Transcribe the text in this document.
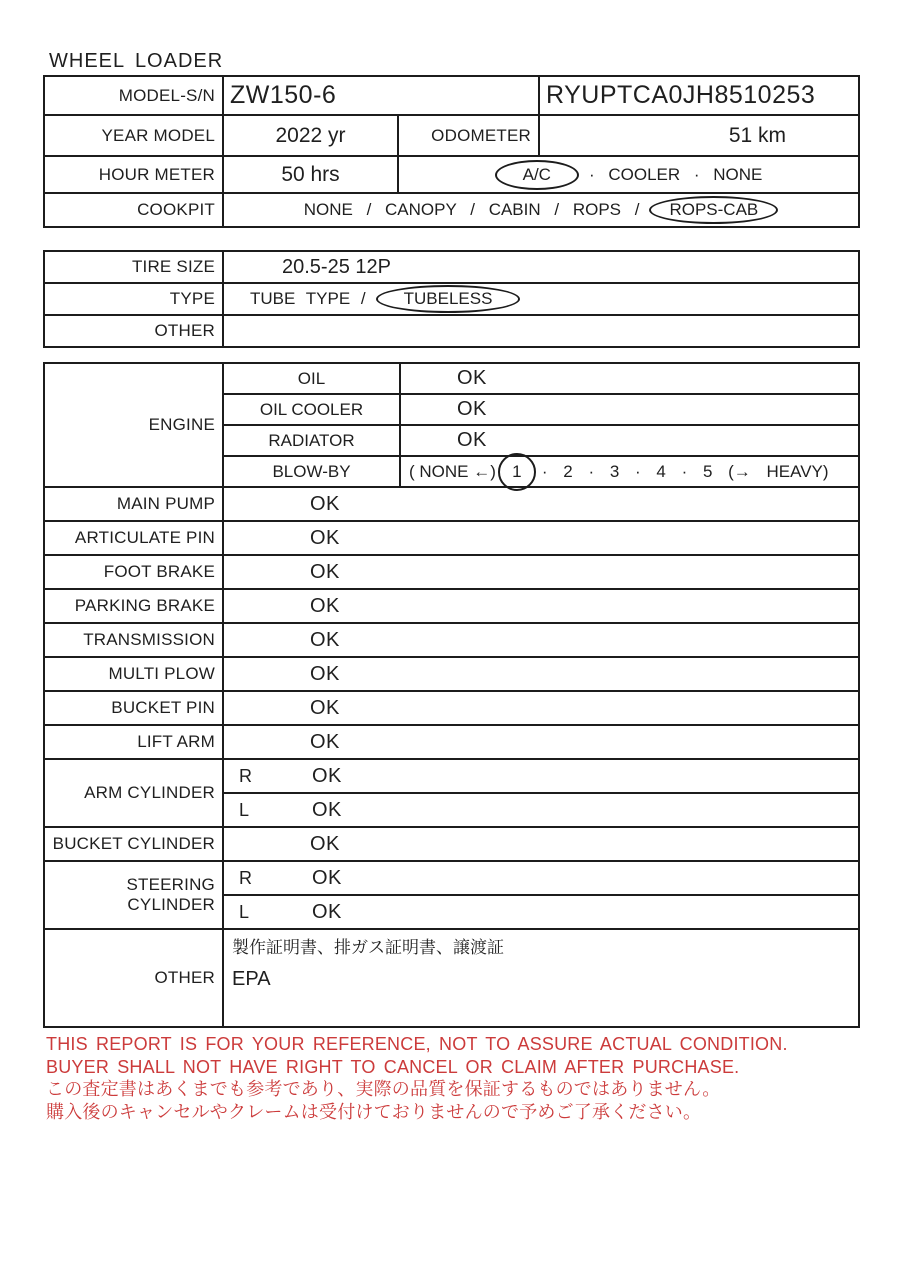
WHEEL LOADER
MODEL-S/N ZW150-6	RYUPTCA0JH8510253
YEAR MODEL	2022 yr	ODOMETER	51 km
HOUR METER	50 hrs	A/C	· COOLER · NONE
COOKPIT	NONE / CANOPY / CABIN / ROPS /	ROPS-CAB
TIRE SIZE	20.5-25 12P
TYPE	TUBE TYPE /	TUBELESS
OTHER
ENGINE
OIL	OK
OIL COOLER	OK
RADIATOR	OK
BLOW-BY	( NONE ←) 1	· 2 · 3 · 4 · 5 (→ HEAVY)
MAIN PUMP	OK
ARTICULATE PIN	OK
FOOT BRAKE	OK
PARKING BRAKE	OK
TRANSMISSION	OK
MULTI PLOW	OK
BUCKET PIN	OK
LIFT ARM	OK
ARM CYLINDER
R	OK
L	OK
BUCKET CYLINDER	OK
STEERING CYLINDER
R	OK
L	OK
OTHER
製作証明書、排ガス証明書、譲渡証
EPA
THIS REPORT IS FOR YOUR REFERENCE, NOT TO ASSURE ACTUAL CONDITION.
BUYER SHALL NOT HAVE RIGHT TO CANCEL OR CLAIM AFTER PURCHASE.
この査定書はあくまでも参考であり、実際の品質を保証するものではありません。
購入後のキャンセルやクレームは受付けておりませんので予めご了承ください。
